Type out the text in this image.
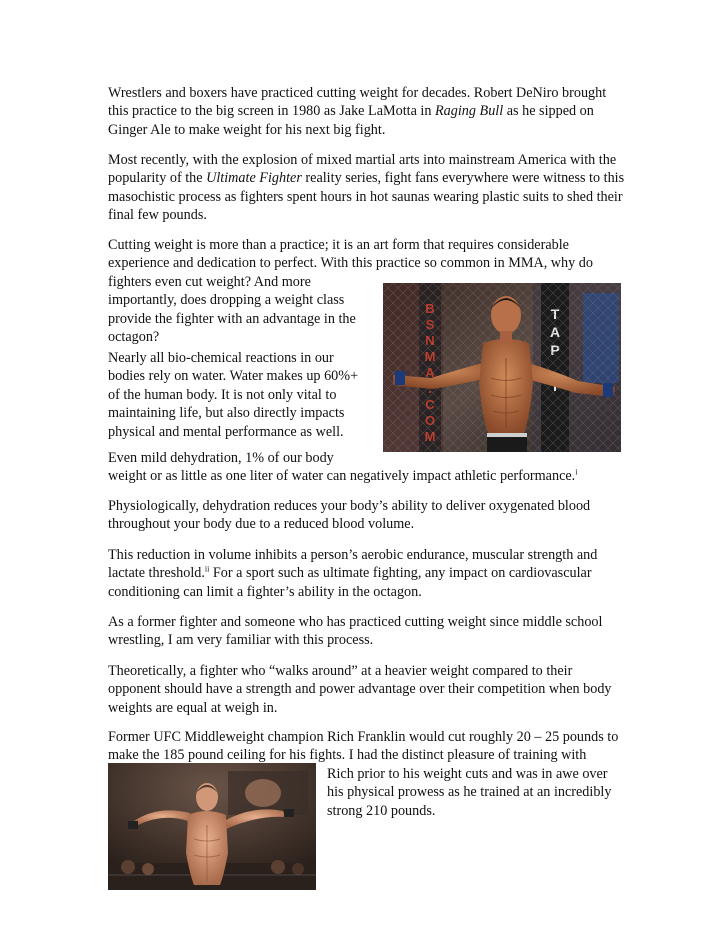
Wrestlers and boxers have practiced cutting weight for decades. Robert DeNiro brought this practice to the big screen in 1980 as Jake LaMotta in Raging Bull as he sipped on Ginger Ale to make weight for his next big fight.

Most recently, with the explosion of mixed martial arts into mainstream America with the popularity of the Ultimate Fighter reality series, fight fans everywhere were witness to this masochistic process as fighters spent hours in hot saunas wearing plastic suits to shed their final few pounds.

Cutting weight is more than a practice; it is an art form that requires considerable
experience and dedication to perfect. With this practice so common in MMA, why do
fighters even cut weight? And more
importantly, does dropping a weight class
provide the fighter with an advantage in the
octagon?

Nearly all bio-chemical reactions in our
bodies rely on water. Water makes up 60%+
of the human body. It is not only vital to
maintaining life, but also directly impacts
physical and mental performance as well.

Even mild dehydration, 1% of our body
weight or as little as one liter of water can negatively impact athletic performance.$^i$

Physiologically, dehydration reduces your body’s ability to deliver oxygenated blood throughout your body due to a reduced blood volume.

This reduction in volume inhibits a person’s aerobic endurance, muscular strength and lactate threshold.$^{ii}$ For a sport such as ultimate fighting, any impact on cardiovascular conditioning can limit a fighter’s ability in the octagon.

As a former fighter and someone who has practiced cutting weight since middle school wrestling, I am very familiar with this process.

Theoretically, a fighter who “walks around” at a heavier weight compared to their opponent should have a strength and power advantage over their competition when body weights are equal at weigh in.

Former UFC Middleweight champion Rich Franklin would cut roughly 20 – 25 pounds to
make the 185 pound ceiling for his fights. I had the distinct pleasure of training with

Rich prior to his weight cuts and was in awe over
his physical prowess as he trained at an incredibly
strong 210 pounds.
